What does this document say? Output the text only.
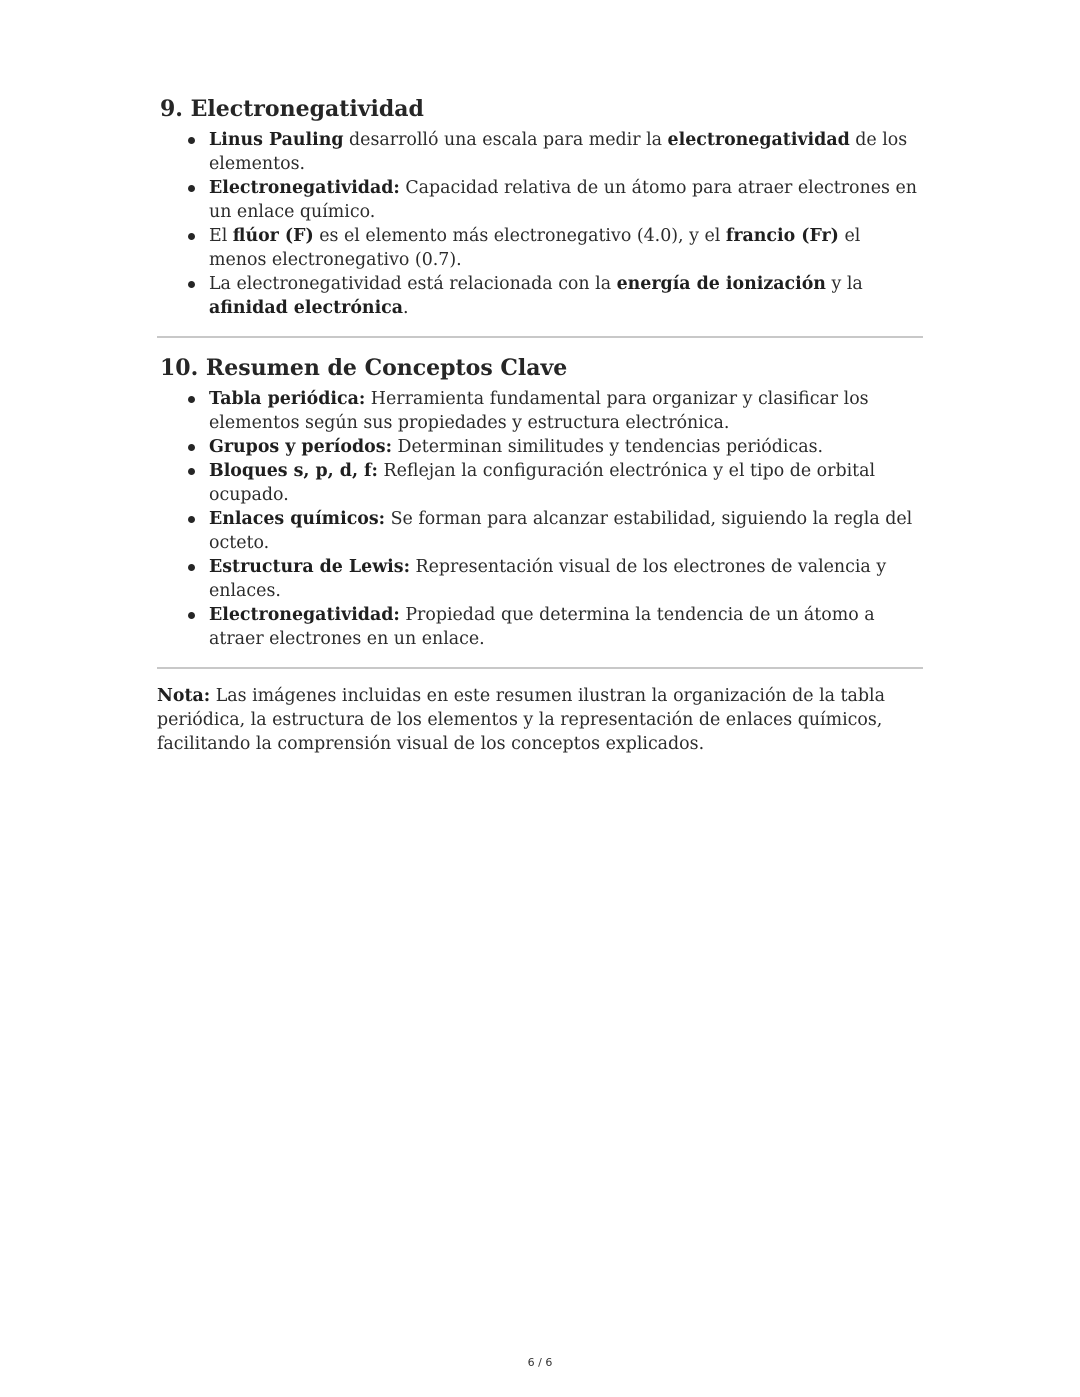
9. Electronegatividad
Linus Pauling desarrolló una escala para medir la electronegatividad de los elementos.
Electronegatividad: Capacidad relativa de un átomo para atraer electrones en un enlace químico.
El flúor (F) es el elemento más electronegativo (4.0), y el francio (Fr) el menos electronegativo (0.7).
La electronegatividad está relacionada con la energía de ionización y la afinidad electrónica.
10. Resumen de Conceptos Clave
Tabla periódica: Herramienta fundamental para organizar y clasificar los elementos según sus propiedades y estructura electrónica.
Grupos y períodos: Determinan similitudes y tendencias periódicas.
Bloques s, p, d, f: Reflejan la configuración electrónica y el tipo de orbital ocupado.
Enlaces químicos: Se forman para alcanzar estabilidad, siguiendo la regla del octeto.
Estructura de Lewis: Representación visual de los electrones de valencia y enlaces.
Electronegatividad: Propiedad que determina la tendencia de un átomo a atraer electrones en un enlace.

Nota: Las imágenes incluidas en este resumen ilustran la organización de la tabla periódica, la estructura de los elementos y la representación de enlaces químicos, facilitando la comprensión visual de los conceptos explicados.

6 / 6
